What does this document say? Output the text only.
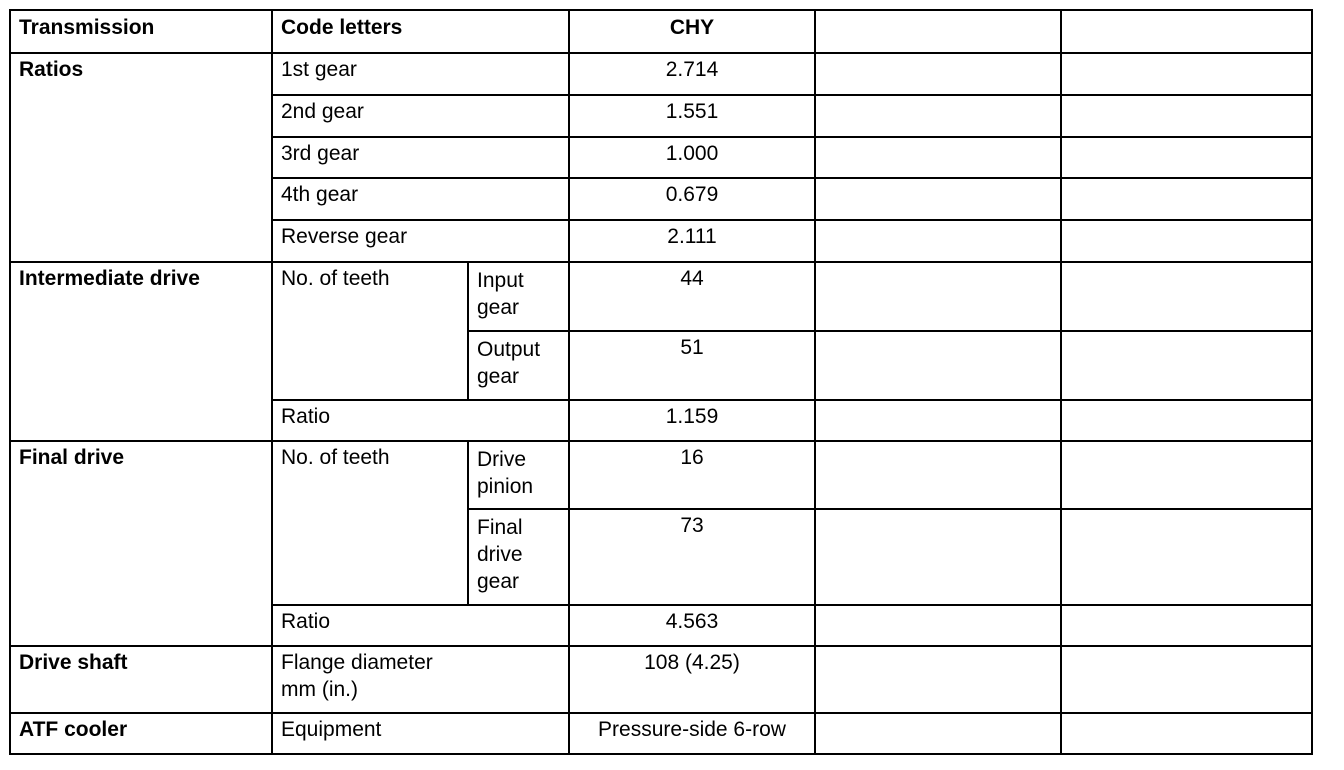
Transmission	Code letters		CHY		
Ratios	1st gear		2.714		
	2nd gear		1.551		
	3rd gear		1.000		
	4th gear		0.679		
	Reverse gear		2.111		
Intermediate drive	No. of teeth	Input gear	44		
		Output gear	51		
	Ratio		1.159		
Final drive	No. of teeth	Drive pinion	16		
		Final drive gear	73		
	Ratio		4.563		
Drive shaft	Flange diameter mm (in.)		108 (4.25)		
ATF cooler	Equipment		Pressure-side 6-row		
